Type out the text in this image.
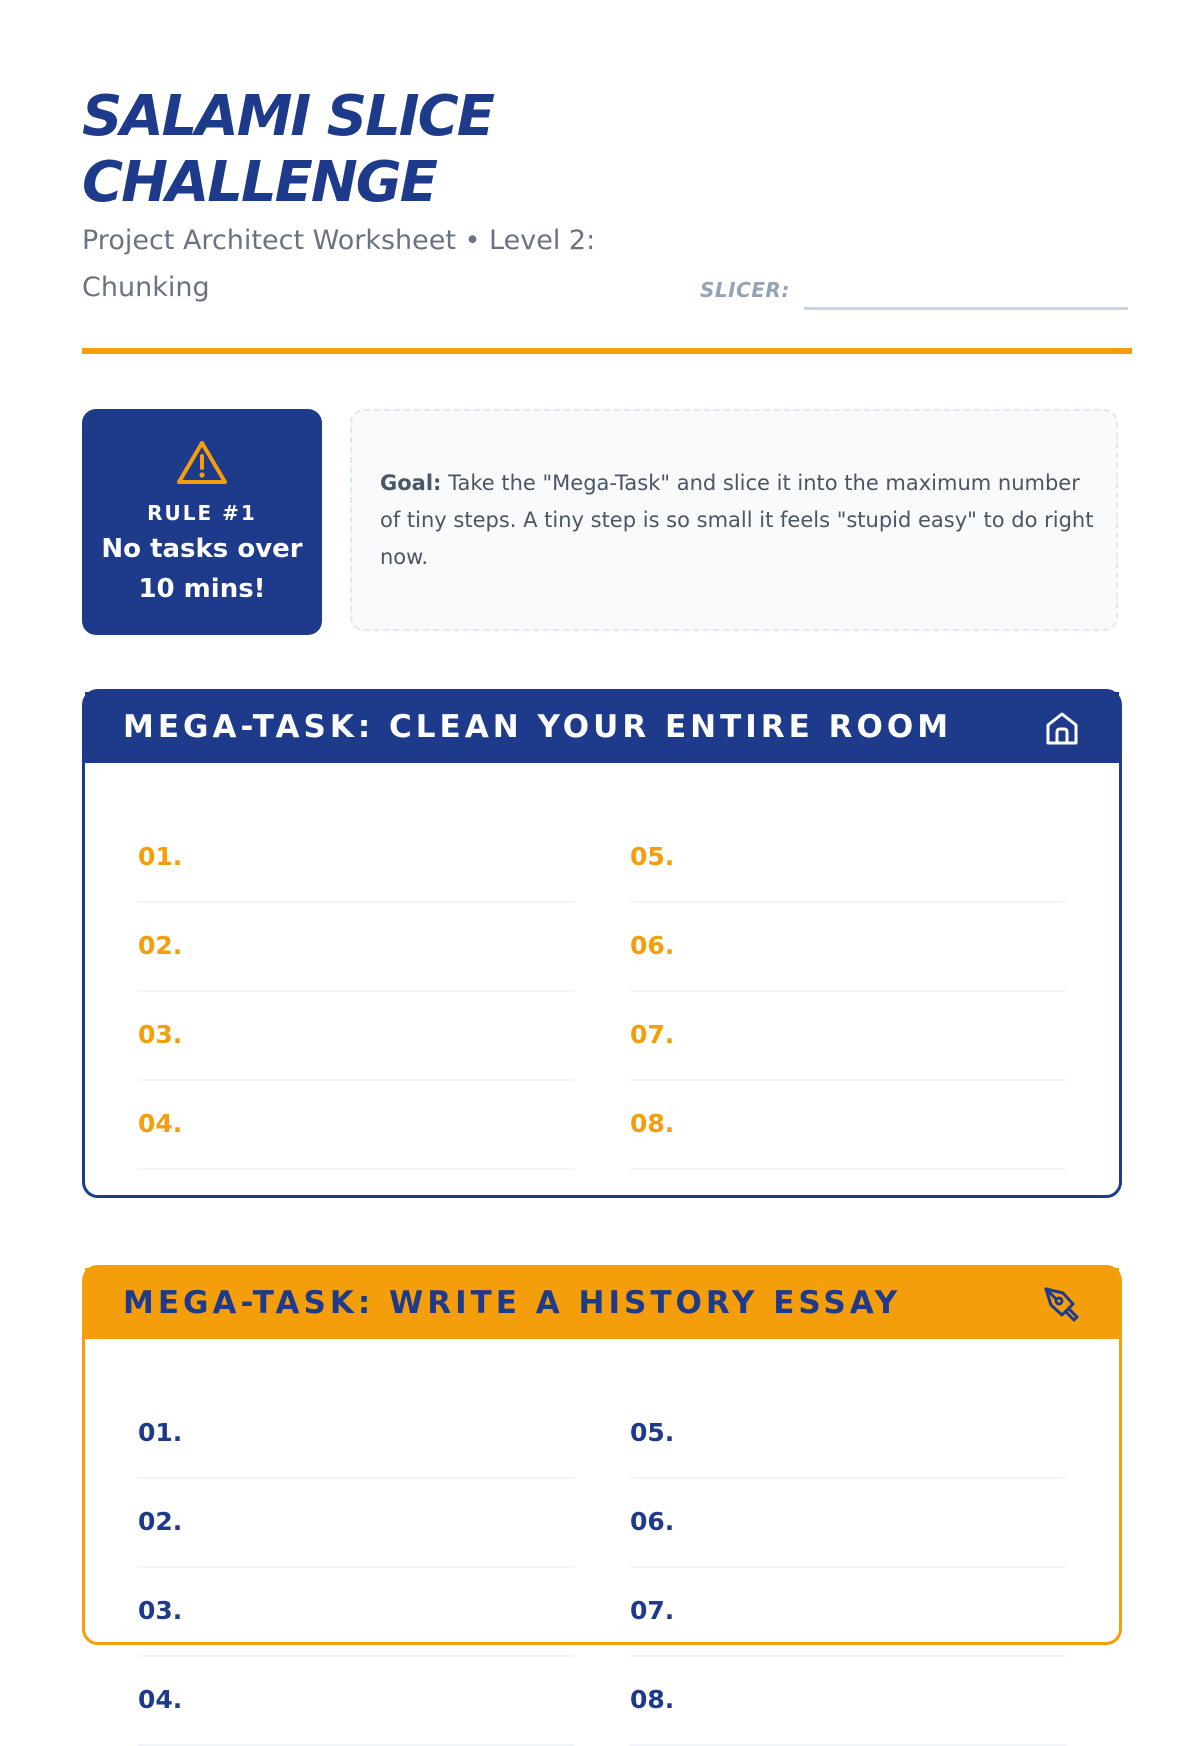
SALAMI SLICE CHALLENGE
Project Architect Worksheet • Level 2: Chunking	SLICER:
RULE #1
No tasks over 10 mins!

Goal: Take the "Mega-Task" and slice it into the maximum number of tiny steps. A tiny step is so small it feels "stupid easy" to do right now.

MEGA-TASK: CLEAN YOUR ENTIRE ROOM
01.
02.
03.
04.
05.
06.
07.
08.
MEGA-TASK: WRITE A HISTORY ESSAY
01.
02.
03.
04.
05.
06.
07.
08.
